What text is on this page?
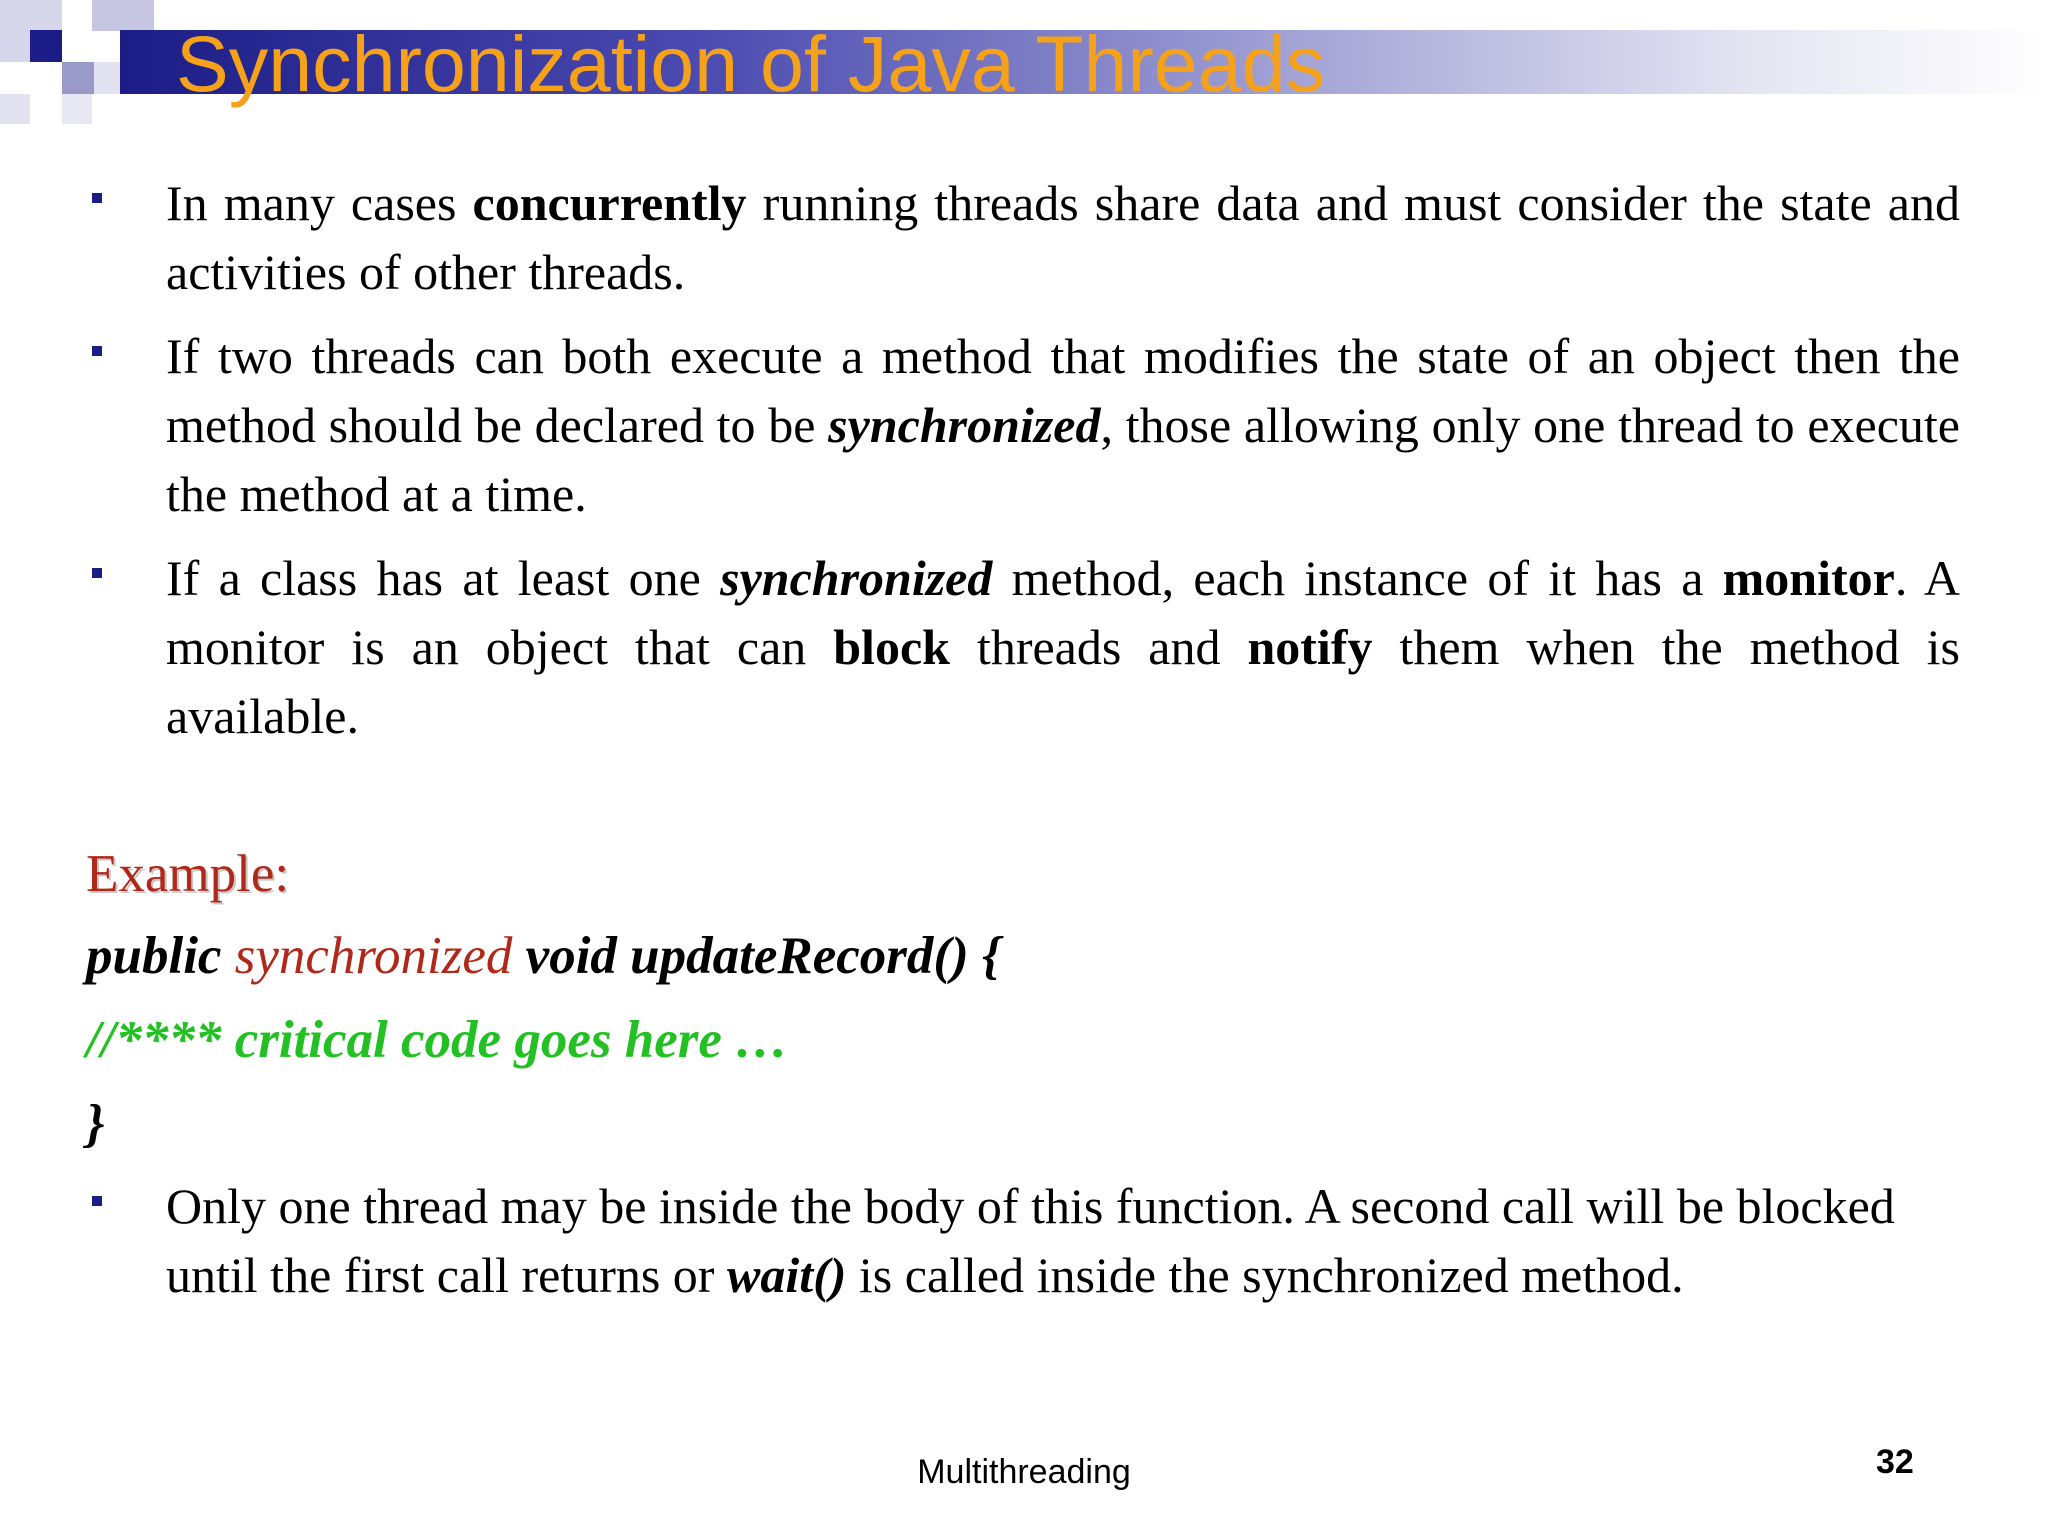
Synchronization of Java Threads
In many cases concurrently running threads share data and must consider the state and activities of other threads.
If two threads can both execute a method that modifies the state of an object then the method should be declared to be synchronized, those allowing only one thread to execute the method at a time.
If a class has at least one synchronized method, each instance of it has a monitor. A monitor is an object that can block threads and notify them when the method is available.
Example:
public synchronized void updateRecord() {
//**** critical code goes here …
}
Only one thread may be inside the body of this function. A second call will be blocked until the first call returns or wait() is called inside the synchronized method.
Multithreading	32
